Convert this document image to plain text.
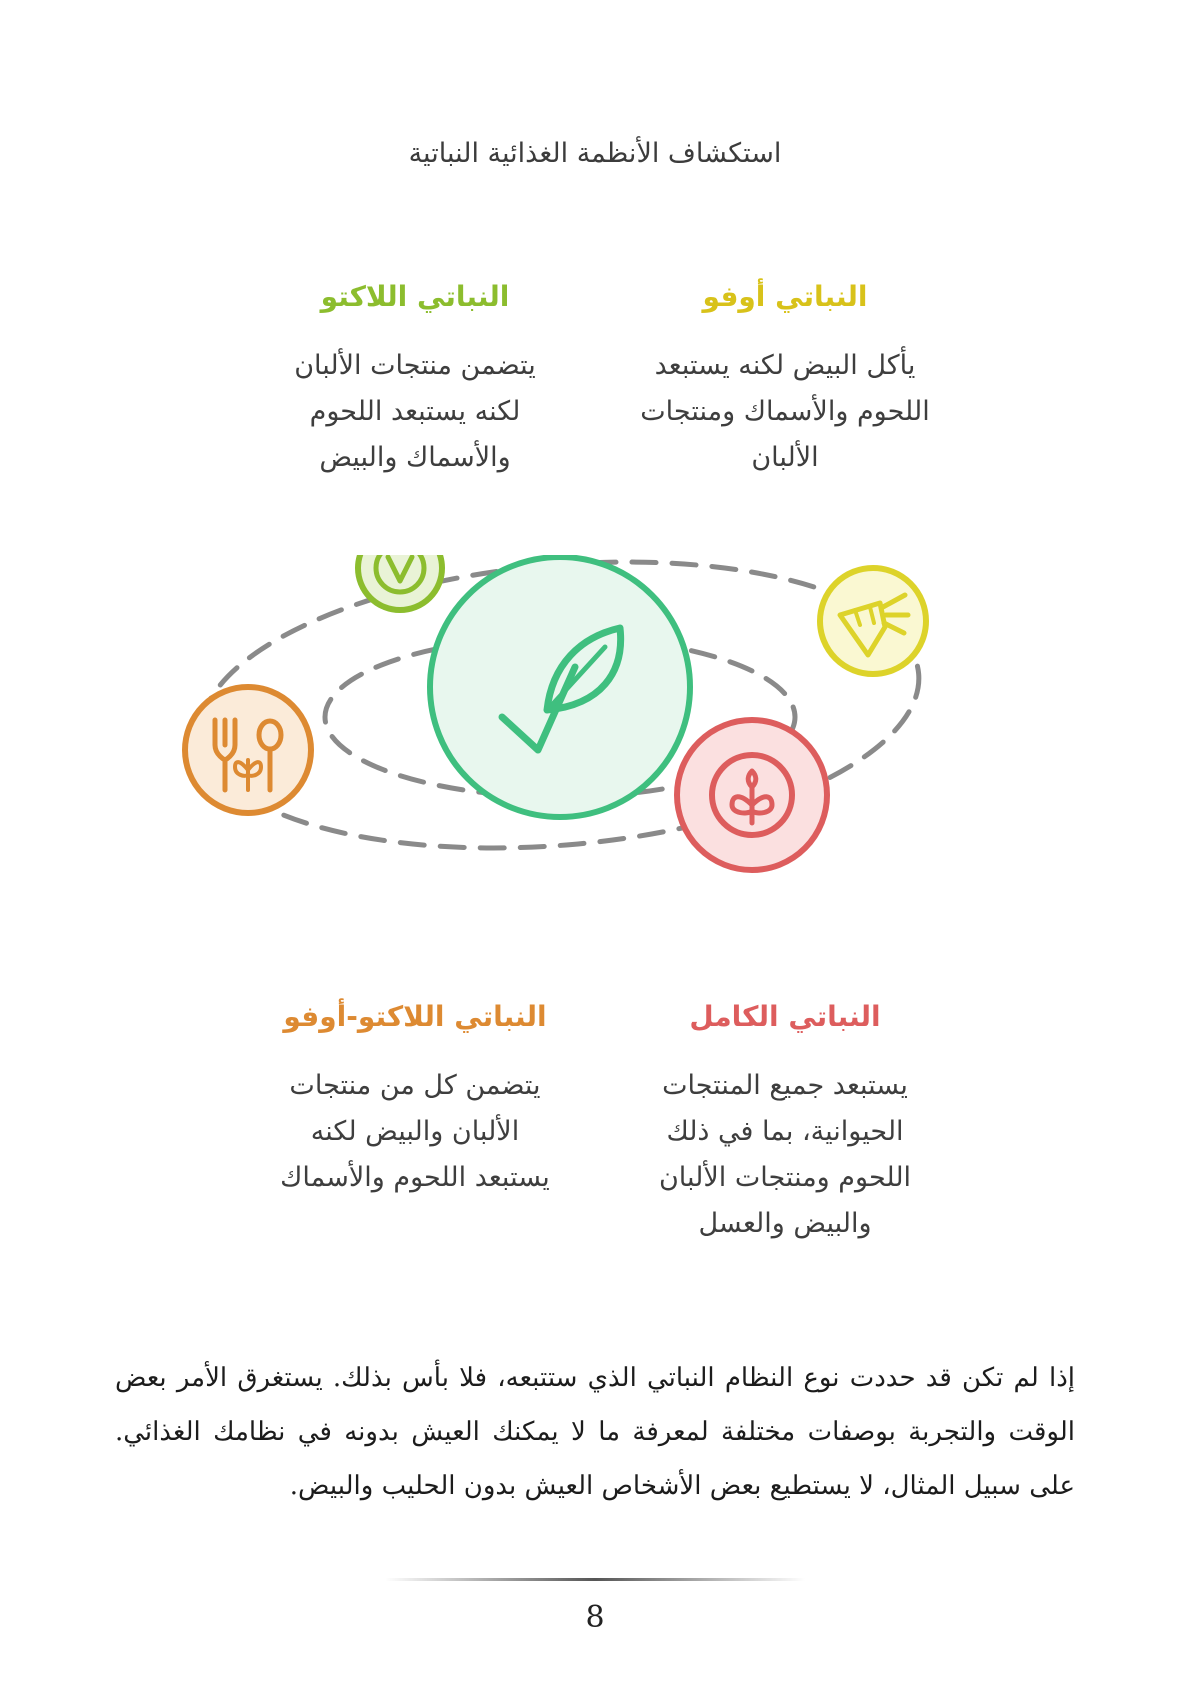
استكشاف الأنظمة الغذائية النباتية
النباتي أوفو

يأكل البيض لكنه يستبعد
اللحوم والأسماك ومنتجات
الألبان

النباتي اللاكتو

يتضمن منتجات الألبان
لكنه يستبعد اللحوم
والأسماك والبيض

النباتي الكامل

يستبعد جميع المنتجات
الحيوانية، بما في ذلك
اللحوم ومنتجات الألبان
والبيض والعسل

النباتي اللاكتو-أوفو

يتضمن كل من منتجات
الألبان والبيض لكنه
يستبعد اللحوم والأسماك

إذا لم تكن قد حددت نوع النظام النباتي الذي ستتبعه، فلا بأس بذلك. يستغرق الأمر بعض الوقت والتجربة بوصفات مختلفة لمعرفة ما لا يمكنك العيش بدونه في نظامك الغذائي. على سبيل المثال، لا يستطيع بعض الأشخاص العيش بدون الحليب والبيض.

8
